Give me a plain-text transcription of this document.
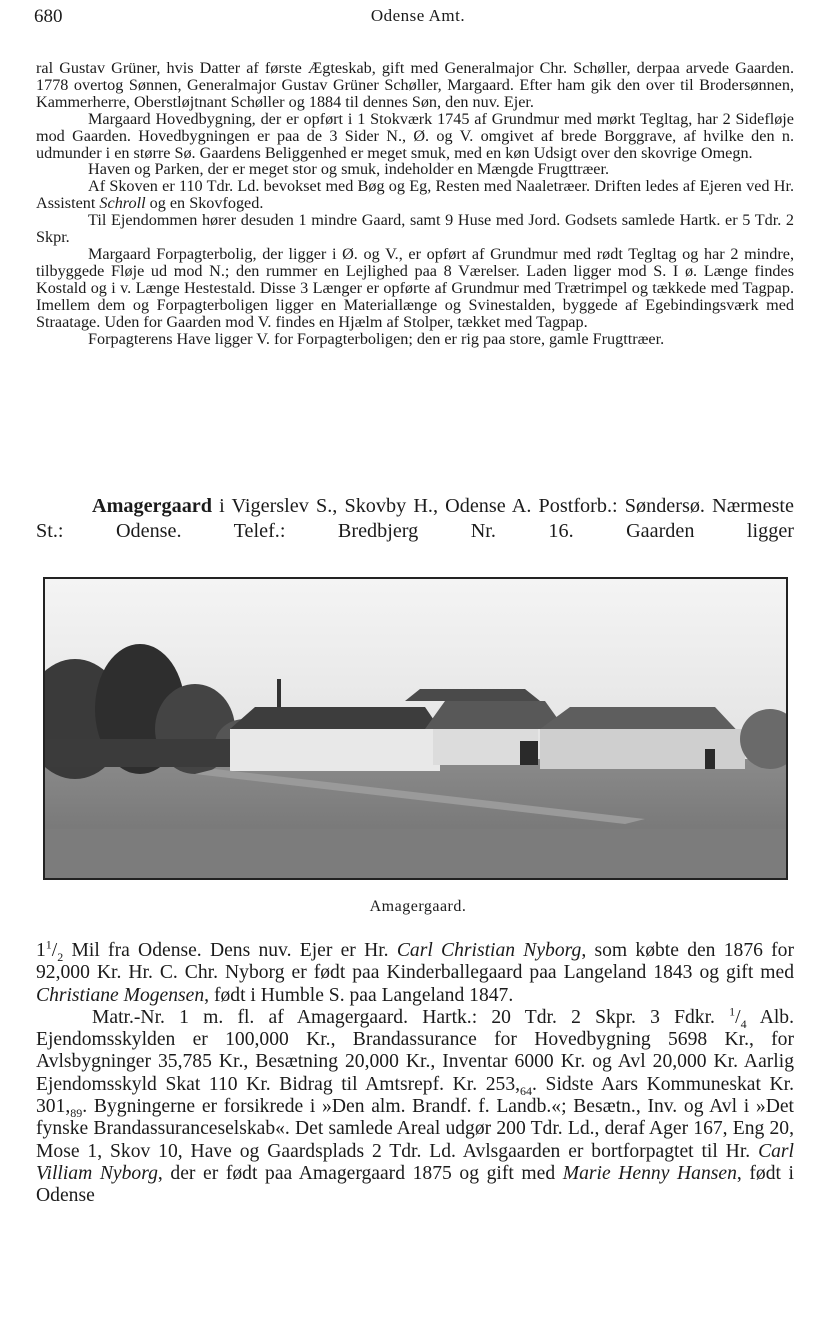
680	Odense Amt.

ral Gustav Grüner, hvis Datter af første Ægteskab, gift med Generalmajor Chr. Schøller, derpaa arvede Gaarden. 1778 overtog Sønnen, Generalmajor Gustav Grüner Schøller, Margaard. Efter ham gik den over til Brodersønnen, Kammerherre, Oberstløjtnant Schøller og 1884 til dennes Søn, den nuv. Ejer.

Margaard Hovedbygning, der er opført i 1 Stokværk 1745 af Grundmur med mørkt Tegltag, har 2 Sidefløje mod Gaarden. Hovedbygningen er paa de 3 Sider N., Ø. og V. omgivet af brede Borggrave, af hvilke den n. udmunder i en større Sø. Gaardens Beliggenhed er meget smuk, med en køn Udsigt over den skovrige Omegn.

Haven og Parken, der er meget stor og smuk, indeholder en Mængde Frugttræer.

Af Skoven er 110 Tdr. Ld. bevokset med Bøg og Eg, Resten med Naaletræer. Driften ledes af Ejeren ved Hr. Assistent Schroll og en Skovfoged.

Til Ejendommen hører desuden 1 mindre Gaard, samt 9 Huse med Jord. Godsets samlede Hartk. er 5 Tdr. 2 Skpr.

Margaard Forpagterbolig, der ligger i Ø. og V., er opført af Grundmur med rødt Tegltag og har 2 mindre, tilbyggede Fløje ud mod N.; den rummer en Lejlighed paa 8 Værelser. Laden ligger mod S. I ø. Længe findes Kostald og i v. Længe Hestestald. Disse 3 Længer er opførte af Grundmur med Trætrimpel og tækkede med Tagpap. Imellem dem og Forpagterboligen ligger en Materiallænge og Svinestalden, byggede af Egebindingsværk med Straatage. Uden for Gaarden mod V. findes en Hjælm af Stolper, tækket med Tagpap.

Forpagterens Have ligger V. for Forpagterboligen; den er rig paa store, gamle Frugttræer.

Amagergaard i Vigerslev S., Skovby H., Odense A. Postforb.: Søndersø. Nærmeste St.: Odense. Telef.: Bredbjerg Nr. 16. Gaarden ligger

Amagergaard.

$1^1/_2$ Mil fra Odense. Dens nuv. Ejer er Hr. Carl Christian Nyborg, som købte den 1876 for 92,000 Kr. Hr. C. Chr. Nyborg er født paa Kinderballegaard paa Langeland 1843 og gift med Christiane Mogensen, født i Humble S. paa Langeland 1847.

Matr.-Nr. 1 m. fl. af Amagergaard. Hartk.: 20 Tdr. 2 Skpr. 3 Fdkr. $^1/_4$ Alb. Ejendomsskylden er 100,000 Kr., Brandassurance for Hovedbygning 5698 Kr., for Avlsbygninger 35,785 Kr., Besætning 20,000 Kr., Inventar 6000 Kr. og Avl 20,000 Kr. Aarlig Ejendomsskyld Skat 110 Kr. Bidrag til Amtsrepf. Kr. $253,_{64}$. Sidste Aars Kommuneskat Kr. $301,_{89}$. Bygningerne er forsikrede i »Den alm. Brandf. f. Landb.«; Besætn., Inv. og Avl i »Det fynske Brandassuranceselskab«. Det samlede Areal udgør 200 Tdr. Ld., deraf Ager 167, Eng 20, Mose 1, Skov 10, Have og Gaardsplads 2 Tdr. Ld. Avlsgaarden er bortforpagtet til Hr. Carl Villiam Nyborg, der er født paa Amagergaard 1875 og gift med Marie Henny Hansen, født i Odense
